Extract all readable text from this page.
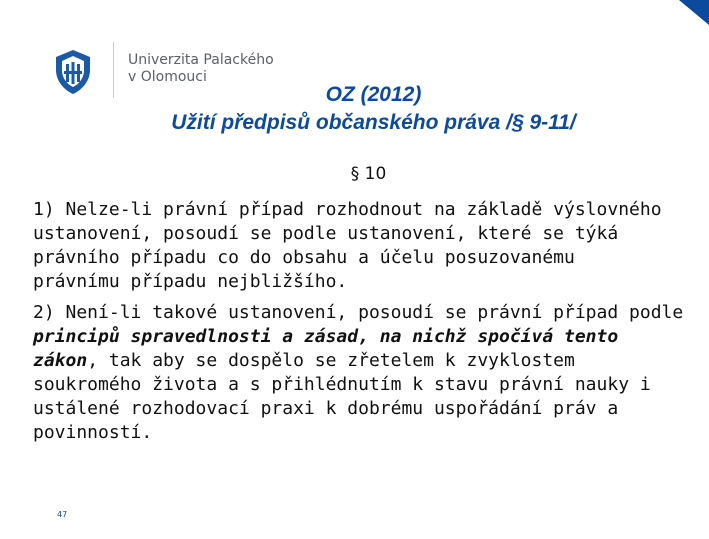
Univerzita Palackého
v Olomouci
OZ (2012)
Užití předpisů občanského práva /§ 9-11/
§ 10
1) Nelze-li právní případ rozhodnout na základě výslovného
ustanovení, posoudí se podle ustanovení, které se týká
právního případu co do obsahu a účelu posuzovanému
právnímu případu nejbližšího.
2) Není-li takové ustanovení, posoudí se právní případ podle
principů spravedlnosti a zásad, na nichž spočívá tento
zákon, tak aby se dospělo se zřetelem k zvyklostem
soukromého života a s přihlédnutím k stavu právní nauky i
ustálené rozhodovací praxi k dobrému uspořádání práv a
povinností.
47
